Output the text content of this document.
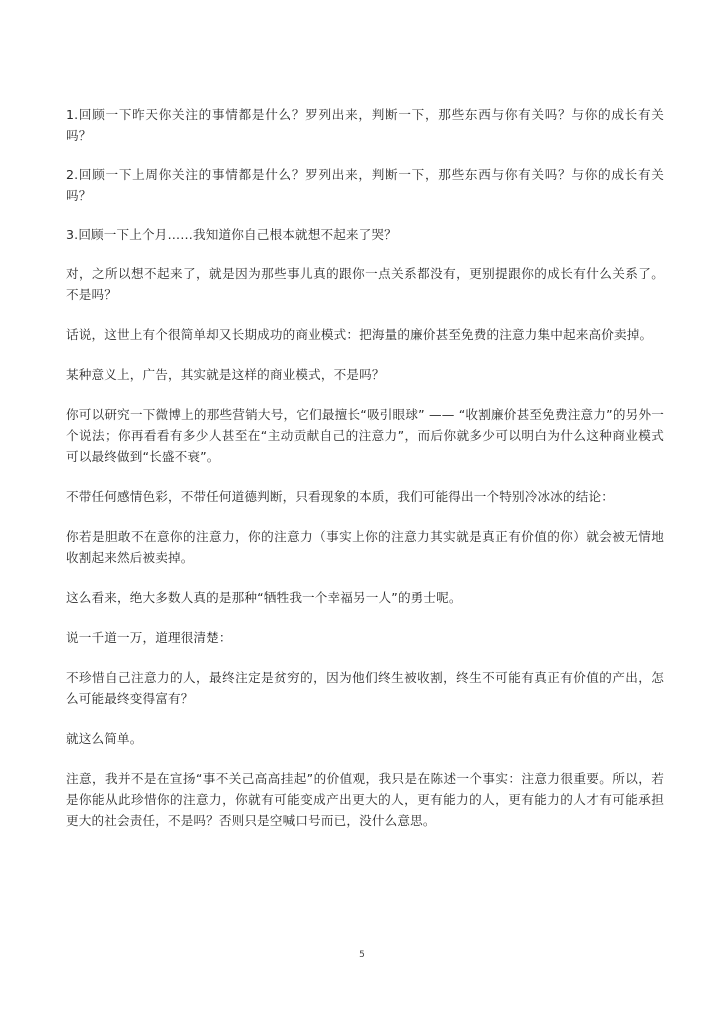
1.回顾一下昨天你关注的事情都是什么？罗列出来，判断一下，那些东西与你有关吗？与你的成长有关吗？

2.回顾一下上周你关注的事情都是什么？罗列出来，判断一下，那些东西与你有关吗？与你的成长有关吗？

3.回顾一下上个月……我知道你自己根本就想不起来了哭？

对，之所以想不起来了，就是因为那些事儿真的跟你一点关系都没有，更别提跟你的成长有什么关系了。不是吗？

话说，这世上有个很简单却又长期成功的商业模式：把海量的廉价甚至免费的注意力集中起来高价卖掉。

某种意义上，广告，其实就是这样的商业模式，不是吗？

你可以研究一下微博上的那些营销大号，它们最擅长“吸引眼球” —— “收割廉价甚至免费注意力”的另外一个说法；你再看看有多少人甚至在“主动贡献自己的注意力”，而后你就多少可以明白为什么这种商业模式可以最终做到“长盛不衰”。

不带任何感情色彩，不带任何道德判断，只看现象的本质，我们可能得出一个特别冷冰冰的结论：

你若是胆敢不在意你的注意力，你的注意力（事实上你的注意力其实就是真正有价值的你）就会被无情地收割起来然后被卖掉。

这么看来，绝大多数人真的是那种“牺牲我一个幸福另一人”的勇士呢。

说一千道一万，道理很清楚：

不珍惜自己注意力的人，最终注定是贫穷的，因为他们终生被收割，终生不可能有真正有价值的产出，怎么可能最终变得富有？

就这么简单。

注意，我并不是在宣扬“事不关己高高挂起”的价值观，我只是在陈述一个事实：注意力很重要。所以，若是你能从此珍惜你的注意力，你就有可能变成产出更大的人，更有能力的人，更有能力的人才有可能承担更大的社会责任，不是吗？否则只是空喊口号而已，没什么意思。

5
